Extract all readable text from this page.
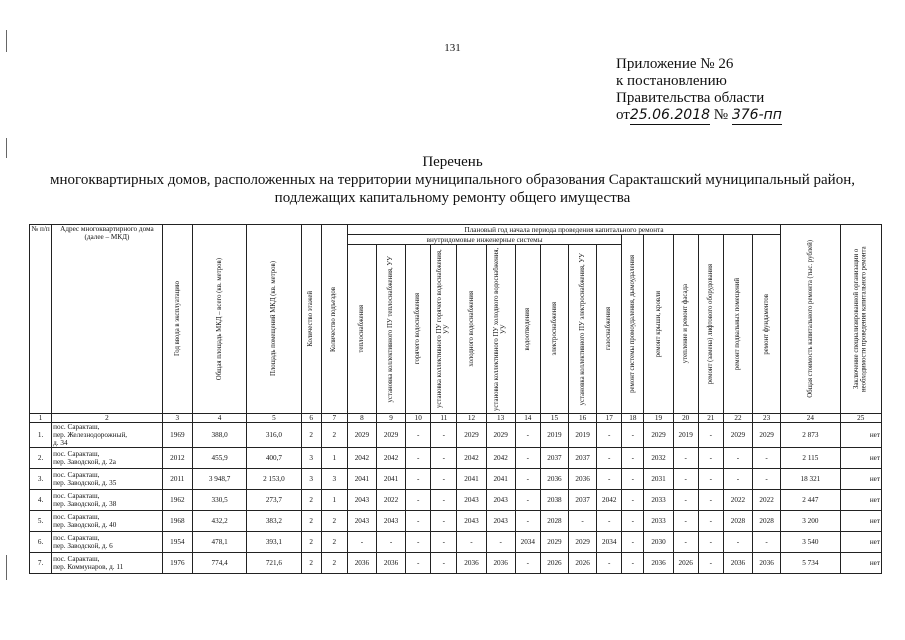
131
Приложение № 26
к постановлению
Правительства области
от25.06.2018 № 376-пп
Перечень
многоквартирных домов, расположенных на территории муниципального образования Саракташский муниципальный район,
подлежащих капитальному ремонту общего имущества
№ п/п	Адрес многоквартирного дома (далее – МКД)	Год ввода в эксплуатацию	Общая площадь МКД – всего (кв. метров)	Площадь помещений МКД (кв. метров)	Количество этажей	Количество подъездов	Плановый год начала периода проведения капитального ремонта																Общая стоимость капитального ремонта (тыс. рублей)	Заключение специализированной организации о необходимости проведения капитального ремонта

							внутридомовые инженерные системы										ремонт системы промоудаления, дымоудаления	ремонт крыши, кровли	утепление и ремонт фасада	ремонт (замена) лифтового оборудования	ремонт подвальных помещений	ремонт фундаментов		

							теплоснабжения	установка коллективного ПУ теплоснабжения, УУ	горячего водоснабжения	установка коллективного ПУ горячего водоснабжения, УУ	холодного водоснабжения	установка коллективного ПУ холодного водоснабжения, УУ	водоотведения	электроснабжения	установка коллективного ПУ электроснабжения, УУ	газоснабжения								

1	2	3	4	5	6	7	8	9	10	11	12	13	14	15	16	17	18	19	20	21	22	23	24	25
1.	пос. Саракташ,
пер. Железнодорожный,
д. 34	1969	388,0	316,0	2	2	2029	2029	-	-	2029	2029	-	2019	2019	-	-	2029	2019	-	2029	2029	2 873	нет
2.	пос. Саракташ,
пер. Заводской, д. 2а	2012	455,9	400,7	3	1	2042	2042	-	-	2042	2042	-	2037	2037	-	-	2032	-	-	-	-	2 115	нет
3.	пос. Саракташ,
пер. Заводской, д. 35	2011	3 948,7	2 153,0	3	3	2041	2041	-	-	2041	2041	-	2036	2036	-	-	2031	-	-	-	-	18 321	нет
4.	пос. Саракташ,
пер. Заводской, д. 38	1962	330,5	273,7	2	1	2043	2022	-	-	2043	2043	-	2038	2037	2042	-	2033	-	-	2022	2022	2 447	нет
5.	пос. Саракташ,
пер. Заводской, д. 40	1968	432,2	383,2	2	2	2043	2043	-	-	2043	2043	-	2028	-	-	-	2033	-	-	2028	2028	3 200	нет
6.	пос. Саракташ,
пер. Заводской, д. 6	1954	478,1	393,1	2	2	-	-	-	-	-	-	2034	2029	2029	2034	-	2030	-	-	-	-	3 540	нет
7.	пос. Саракташ,
пер. Коммунаров, д. 11	1976	774,4	721,6	2	2	2036	2036	-	-	2036	2036	-	2026	2026	-	-	2036	2026	-	2036	2036	5 734	нет
